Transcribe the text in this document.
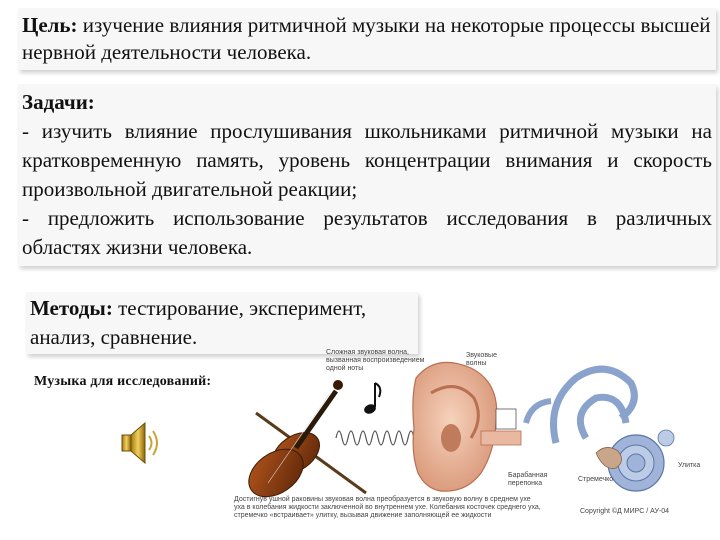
Цель: изучение влияния ритмичной музыки на некоторые процессы высшей нервной деятельности человека.
Задачи:

- изучить влияние прослушивания школьниками ритмичной музыки на кратковременную память, уровень концентрации внимания и скорость произвольной двигательной реакции;

- предложить использование результатов исследования в различных областях жизни человека.

Методы: тестирование, эксперимент, анализ, сравнение.
Музыка для исследований:
Сложная звуковая волна,
вызванная воспроизведением
одной ноты
Звуковые
волны
Барабанная
перепонка
Стремечко
Улитка
Достигнув ушной раковины звуковая волна преобразуется в звуковую волну в среднем ухе
уха в колебания жидкости заключенной во внутреннем ухе. Колебания косточек среднего уха,
стремечко «встраивает» улитку, вызывая движение заполняющей ее жидкости
Copyright ©Д МИРС / АУ-04
